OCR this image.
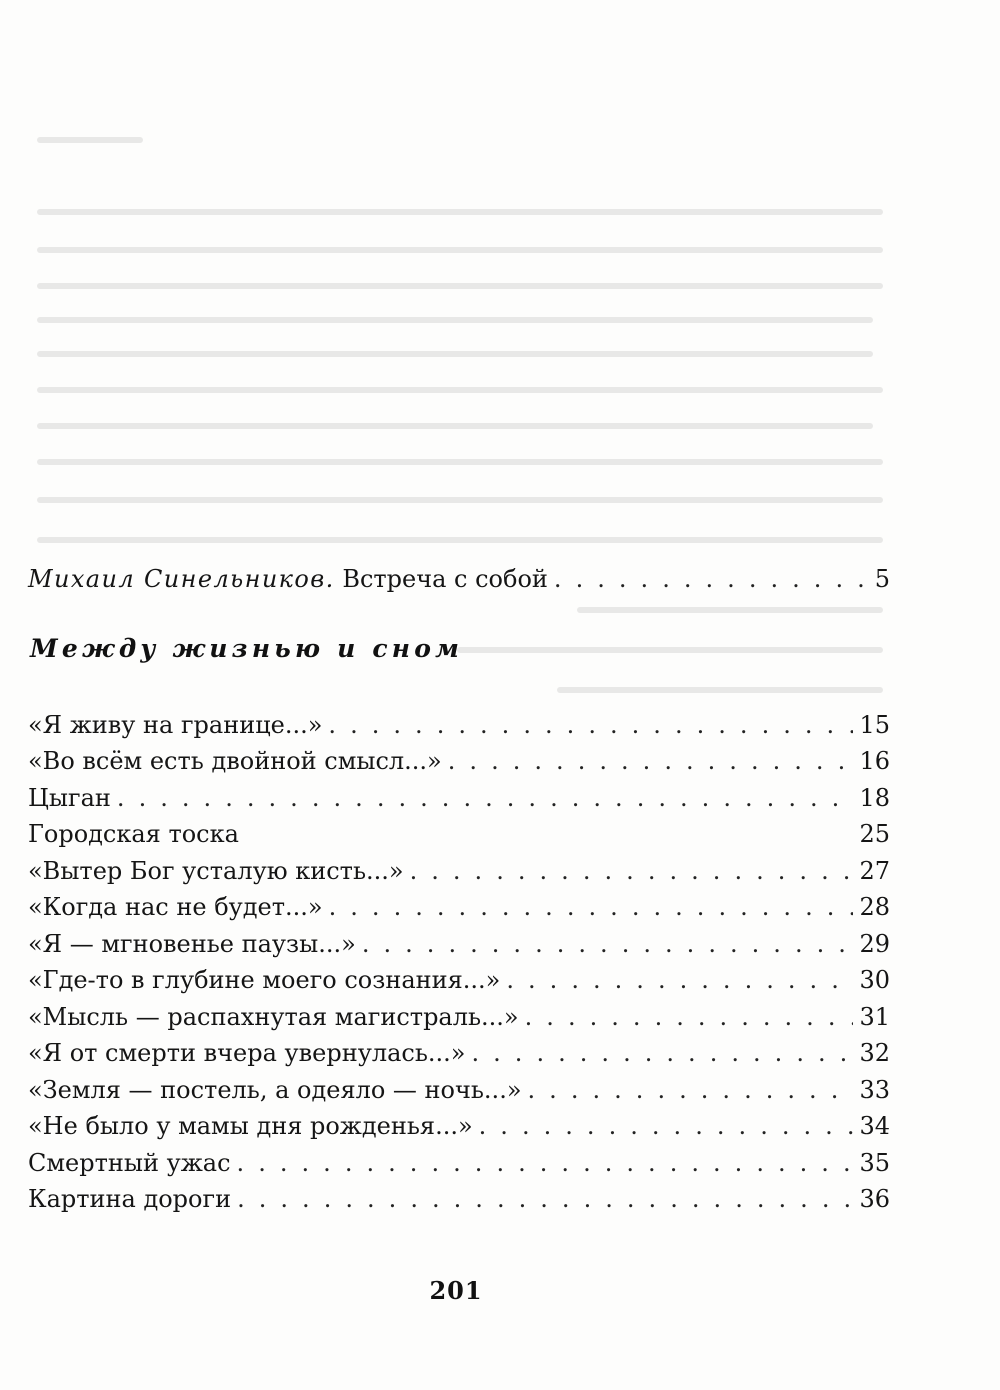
Михаил Синельников. Встреча с собой . . .	5
Между жизнью и сном
«Я живу на границе...» . . .	15
«Во всём есть двойной смысл...» . . .	16
Цыган . . .	18
Городская тоска	25
«Вытер Бог усталую кисть...» . . .	27
«Когда нас не будет...» . . .	28
«Я — мгновенье паузы...» . . .	29
«Где-то в глубине моего сознания...» . . .	30
«Мысль — распахнутая магистраль...» . . .	31
«Я от смерти вчера увернулась...» . . .	32
«Земля — постель, а одеяло — ночь...» . . .	33
«Не было у мамы дня рожденья...» . . .	34
Смертный ужас . . .	35
Картина дороги . . .	36
201
